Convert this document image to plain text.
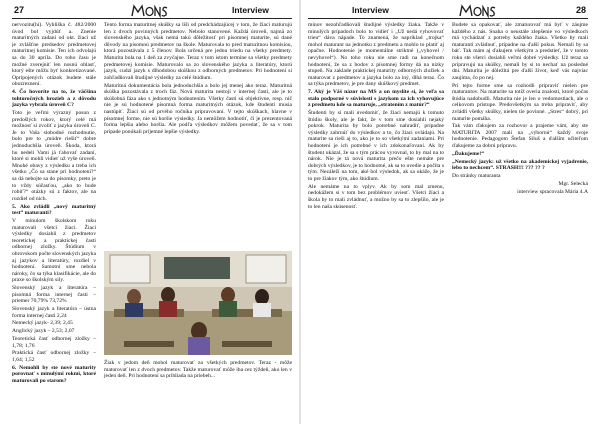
27	Interview

nervozitu(hi). Vyhliška č. 482/2000 úvod bol vyjdúť a. Znenie maturitných zadaní od okt. žiaci už je zvlášťne predsedov predmetovej maturitnej komisie. Ten ich odvolajú sa do 30 apríla. Do toho času je možné zverejniť len nosnú oblasť, ktorý ešte môžu byť konkretizované. Opripojených otázok budete stále obozreznení.

4. Čo hovoríte na to, že väčšina tohtoročných hrozieb a z dôvodu jazyka vybrala úroveň C?

Toto je veľmi výrazný posun z predošlých rokov, ktorý celé má možnosť si zvoliť z jazyka úroveň C. Je to Vaša slobodné rozhodnutie, bolo pre to „múdre riešiť“ dobre jednoduchšia úroveň. Škoda, ktorá hu nedeli Vami já ťahovať zadaní, ktoré si mohli vidieť už vyše úroveň. Mnohé obavy z výsledku a treba ich všetko „Čo sa stane pri hodnotení?“ sa dá nebojte sa do písomky, preto je to vždy súčasťou, „ako to bude robiť?“ otázky sú z faktov, ale na rozdiel od nich.

5. Ako zvládli „nový maturitný test“ maturanti?

V minulom školskom roku maturovali všetci žiaci. Žiaci výsledky dosiahli z predmetov teoretickej a praktickej časti odbornej zložky. Štúdium v obrovskom počte slovenských jazyka aj jazykov a literatúry, rozdiel v hodnotení. Samotní sme nebola nároky, čo sa týka klasifikácie, ale do praxe so školským sily.

Slovenský jazyk a literatúra – písomná forma internej časti – priemer 70,79% 73,72%

Slovenský jazyk a literatúra – ústna forma internej časti 2,24

Nemecký jazyk- 2,39; 2,45

Anglický jazyk – 2,53; 2,07

Teoretická časť odbornej zložky – 1,78; 1,76

Praktická časť odbornej zložky – 1,64; 1,52

6. Nemohli by ste nové maturity porovnať s minulými rokmi, ktoré maturovali po starom?

Tento forma maturitnej skúšky sa líši od predchádzajúcej v tom, že žiaci maturujú len z dvoch povinných predmetov. Nebolo stanovené. Každá úroveň, najmä zo slovenského jazyka, však nemá takú dôležitosť pri písomnej maturite, sú dané dôvody na písomnú predmetov na škole. Maturovala to pred maturitnou komisiou, ktorá pozostávala z 5 členov. Bola určená pre jednu triedu na všetky predmety. Maturita bola na 1 deň za zvyčajne. Teraz v tom istom termíne sa všetky predmety predmetovej komisie. Maturovalo sa zo slovenského jazyka a literatúry, ktorú jazyk, cudzí jazyk s dlhodobou skúškou z odborných predmetov. Pri hodnotení si zohľadňovali študijné výsledky za celé štúdium.

Maturitná dokumentácia bola jednoduchšia a bolo jej menej ako teraz. Maturitná skúška pozostávala z troch fáz. Nová maturita nestojí v internej časti, ale je to skúšobná fáza ako s jednotným hodnotením. Všetky časti sú objektívne, resp. nič nie je sú hodnotené písomná forma maturitných otázok, kde študenti musia nastúpiť. Žiaci sú od prvého ročníka pripravovaní. V tejto skúškach, hlavne v písomnej forme, nie sú horšie výsledky. Ja nemôžem hodnotiť, či je prezentovaná forma lepšia alebo horšia. Ale podľa výsledkov môžem povedať, že sa v tom prípade ponúkali príjemné lepšie výsledky.

Žiak v jedom deň mohol maturovať zo všetkých predmetov. Teraz - môže maturovať len z dvoch predmetov. Takže maturovať môže iba cez týždeň, ako len v jeden deň. Pri hodnotení sa prihliada na priebeh...
Interview	28

mínov nezohľadňovali študijné výsledky žiaka. Takže v minulých prípadoch bolo to vidieť i „Už nedá vyhovovať trieu“ dáva nápade. To znamená, že napríklad „trojka“ mohol maturant na jednotku z predmetu a mohlo to platiť aj opačne. Hodnotenie je momentálne striktné („vyhovel / nevyhovel“). No toho roku nie sme radi na konečnom hodnotení, že sa z bodov z písomnej formy dá na nízky stupeň. Na zaklade praktickej maturity odborných zložiek a maturovat z predmetov a jazyka bolo za iný, dlhá teraz. Čo sa týka predmetov, je pre dany skúškový predmet.

7. Aký je Váš názor na MS a on myslíte si, že veľa sa stalo podporné v súvislosti s jazykom za ich vyhovujúce z predmetu kde sa maturuje, „stratením z matúr?“

Študenti by si mali uvedomiť, že žiaci nemajú k tomuto štúdiu školy, ale je fakt, že v tom sme dosiahli nejaký pokrok. Maturita by bolo potrebné nahradiť, prípadne výsledky zahrnúť do výsledkov a to, čo žiaci ovládajú. Na maturite sa rieši aj to, ako je to so všetkými zadaniami. Pri hodnotení je ich potrebné v ich zdokonaľovaní. Ak by študent ukázal, že sa s tým prácou vyrovnal, to by mal na to nárok. Nie je tá nová maturita prečo ešte nemáte pre dobrých výsledkov, je to hodnotné, ak sa to uvedie a počíta s tým. Nezáleží na tom, aké bol výsledok, ak sa ukáže, že je to pre žiakov tým, ako štúdium.

Ale nemáme na to vplyv. Ak by som mal zmenu, nedokážem si v tom bez problémov uviesť. Všetci žiaci a škola by to mali zvládnuť, a možno by sa to zlepšilo, ale je to len naša skúsenosť.

Budete sa opakovať, ale zmaturovať má byť v záujme každého z nás. Snaha o neustále zlepšenie vo výsledkoch má vychádzať z potreby každého žiaka. Všetko by mali maturanti zvládnuť, prípadne na ďalší pokus. Nemali by sa báť. Tak mám aj ďakujem všetkým a predstieť, že v tomto roku ste všetci dosiahli veľmi dobré výsledky. Už teraz sa pripravujú na skúšky, nemali by si to nechať na posledné dni. Maturita je dôležitá pre ďalší život, keď vás najviac zaujíma, čo po nej.

Pri tejto forme sme sa rozhodli pripraviť nielen pre maturantov. Na maturite sa totiž overia znalosti, ktoré počas štúdia nadobudli. Maturita nie je len o vedomostiach, ale o celkovom prístupe. Predovšetkým sa treba pripraviť, aby zvládli všetky skúšky, nielen tie povinné. „Stres“ dobrý, pri maturite pomáha.

Tak vám ďakujem za rozhovor a prajeme vám, aby ste MATURITA 2007 mali na „výbornú“ každý svoje hodnotenie. Pedagogom Štefan Siluš a ďalším učiteľom ďakujeme za dobrú prípravu.

„Ďakujeme!“

„Nemecký jazyk: už všetko na akademickej vyjadrenie, lebo to nechcem“. STRASH!!! ??? ?? ?

Do stránky maturanta

Mgr. Selecká

interview spracovala Mária 4.A
